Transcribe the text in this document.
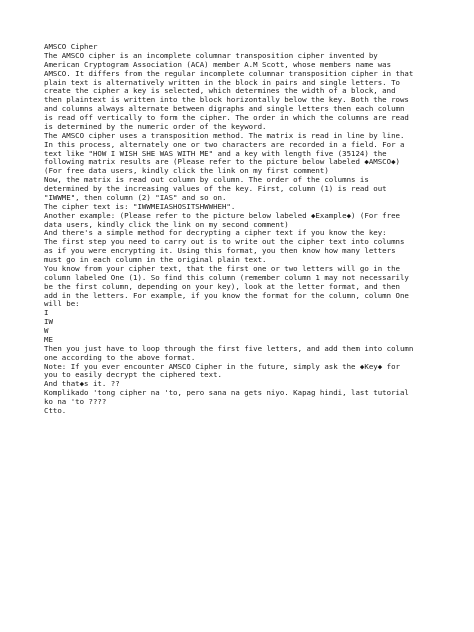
AMSCO Cipher
The AMSCO cipher is an incomplete columnar transposition cipher invented by
American Cryptogram Association (ACA) member A.M Scott, whose members name was
AMSCO. It differs from the regular incomplete columnar transposition cipher in that
plain text is alternatively written in the block in pairs and single letters. To
create the cipher a key is selected, which determines the width of a block, and
then plaintext is written into the block horizontally below the key. Both the rows
and columns always alternate between digraphs and single letters then each column
is read off vertically to form the cipher. The order in which the columns are read
is determined by the numeric order of the keyword.
The AMSCO cipher uses a transposition method. The matrix is read in line by line.
In this process, alternately one or two characters are recorded in a field. For a
text like "HOW I WISH SHE WAS WITH ME" and a key with length five (35124) the
following matrix results are (Please refer to the picture below labeled ◆AMSCO◆)
(For free data users, kindly click the link on my first comment)
Now, the matrix is read out column by column. The order of the columns is
determined by the increasing values of the key. First, column (1) is read out
"IWWME", then column (2) "IAS" and so on.
The cipher text is: "IWWMEIASHOSITSHWWHEH".
Another example: (Please refer to the picture below labeled ◆Example◆) (For free
data users, kindly click the link on my second comment)
And there's a simple method for decrypting a cipher text if you know the key:
The first step you need to carry out is to write out the cipher text into columns
as if you were encrypting it. Using this format, you then know how many letters
must go in each column in the original plain text.
You know from your cipher text, that the first one or two letters will go in the
column labeled One (1). So find this column (remember column 1 may not necessarily
be the first column, depending on your key), look at the letter format, and then
add in the letters. For example, if you know the format for the column, column One
will be:
I
IW
W
ME
Then you just have to loop through the first five letters, and add them into column
one according to the above format.
Note: If you ever encounter AMSCO Cipher in the future, simply ask the ◆Key◆ for
you to easily decrypt the ciphered text.
And that◆s it. ??
Komplikado 'tong cipher na 'to, pero sana na gets niyo. Kapag hindi, last tutorial
ko na 'to ????
Ctto.
